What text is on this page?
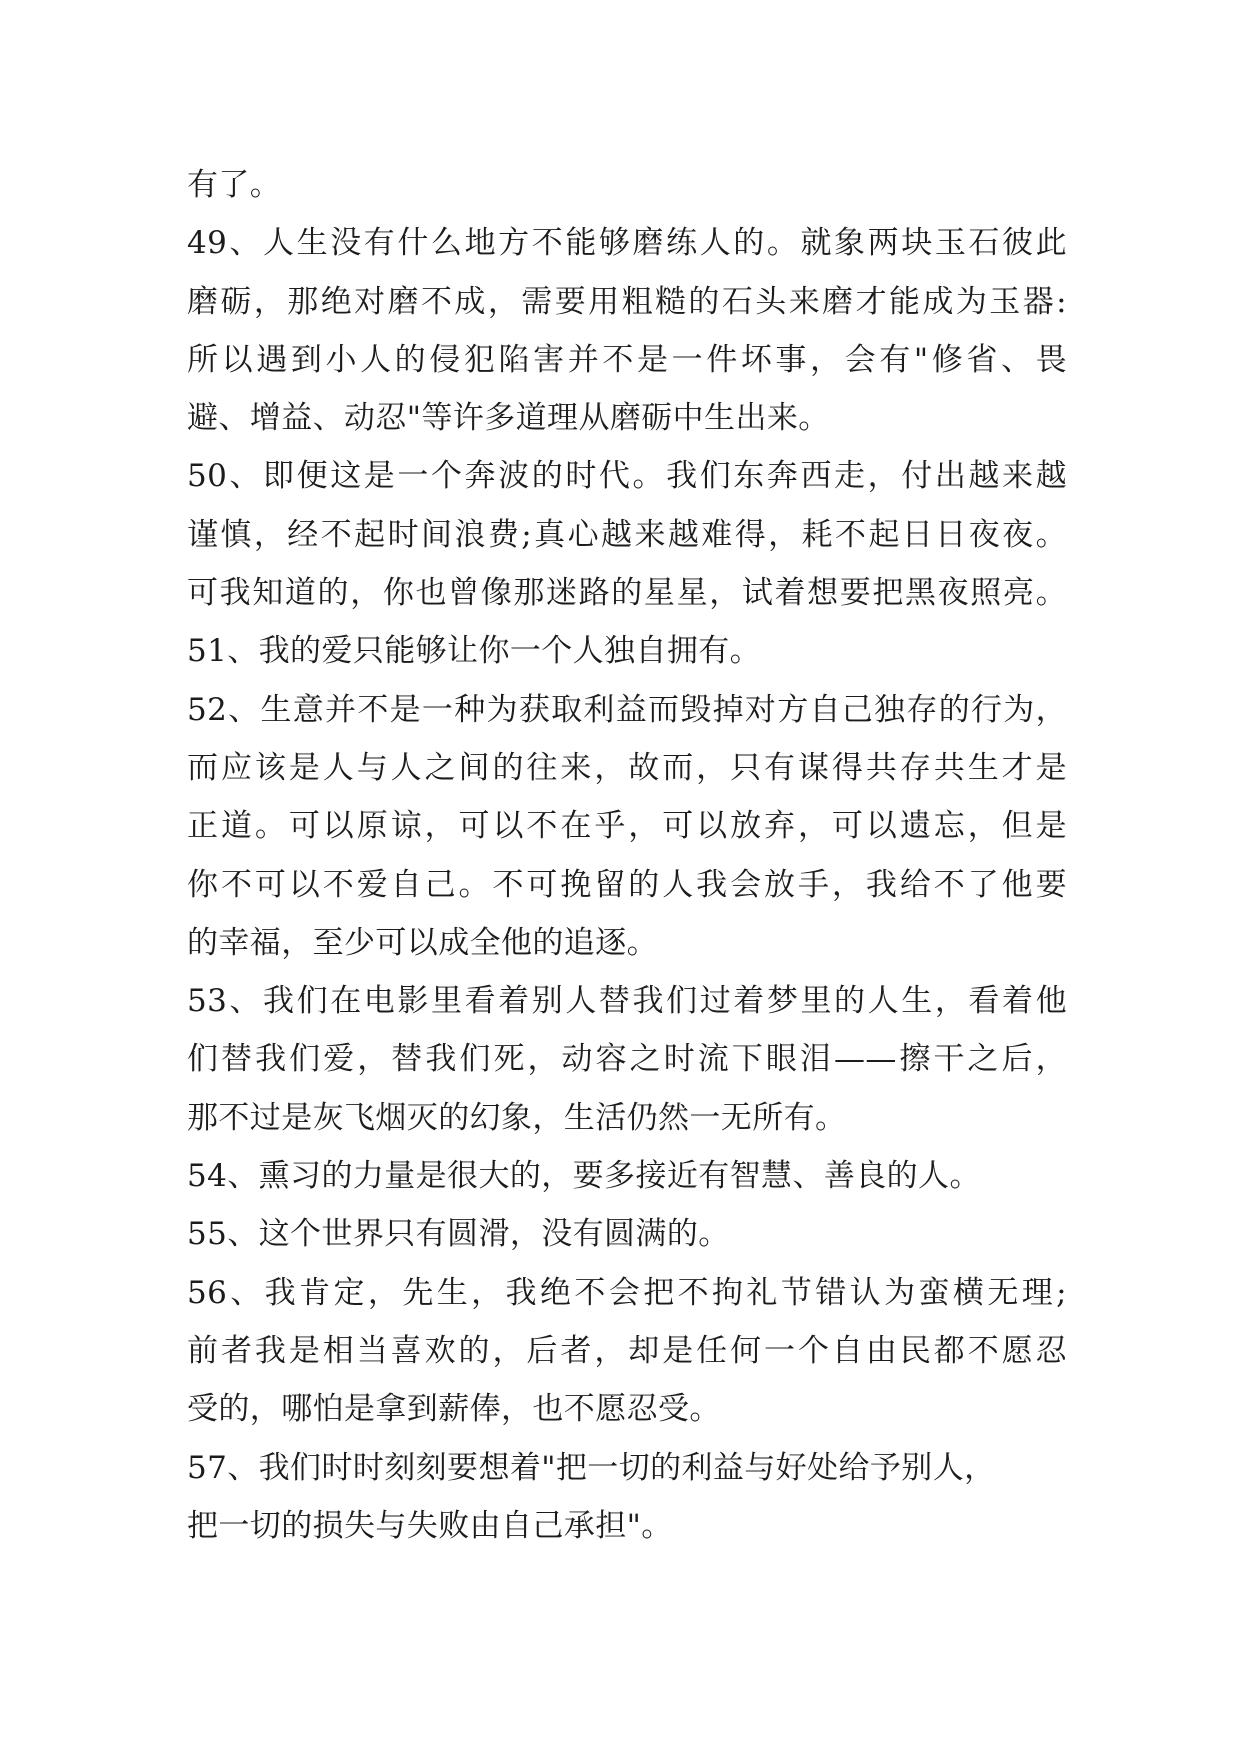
有了。
49、人生没有什么地方不能够磨练人的。就象两块玉石彼此
磨砺，那绝对磨不成，需要用粗糙的石头来磨才能成为玉器:
所以遇到小人的侵犯陷害并不是一件坏事，会有"修省、畏
避、增益、动忍"等许多道理从磨砺中生出来。
50、即便这是一个奔波的时代。我们东奔西走，付出越来越
谨慎，经不起时间浪费;真心越来越难得，耗不起日日夜夜。
可我知道的，你也曾像那迷路的星星，试着想要把黑夜照亮。
51、我的爱只能够让你一个人独自拥有。
52、生意并不是一种为获取利益而毁掉对方自己独存的行为，
而应该是人与人之间的往来，故而，只有谋得共存共生才是
正道。可以原谅，可以不在乎，可以放弃，可以遗忘，但是
你不可以不爱自己。不可挽留的人我会放手，我给不了他要
的幸福，至少可以成全他的追逐。
53、我们在电影里看着别人替我们过着梦里的人生，看着他
们替我们爱，替我们死，动容之时流下眼泪——擦干之后，
那不过是灰飞烟灭的幻象，生活仍然一无所有。
54、熏习的力量是很大的，要多接近有智慧、善良的人。
55、这个世界只有圆滑，没有圆满的。
56、我肯定，先生，我绝不会把不拘礼节错认为蛮横无理;
前者我是相当喜欢的，后者，却是任何一个自由民都不愿忍
受的，哪怕是拿到薪俸，也不愿忍受。
57、我们时时刻刻要想着"把一切的利益与好处给予别人，
把一切的损失与失败由自己承担"。
